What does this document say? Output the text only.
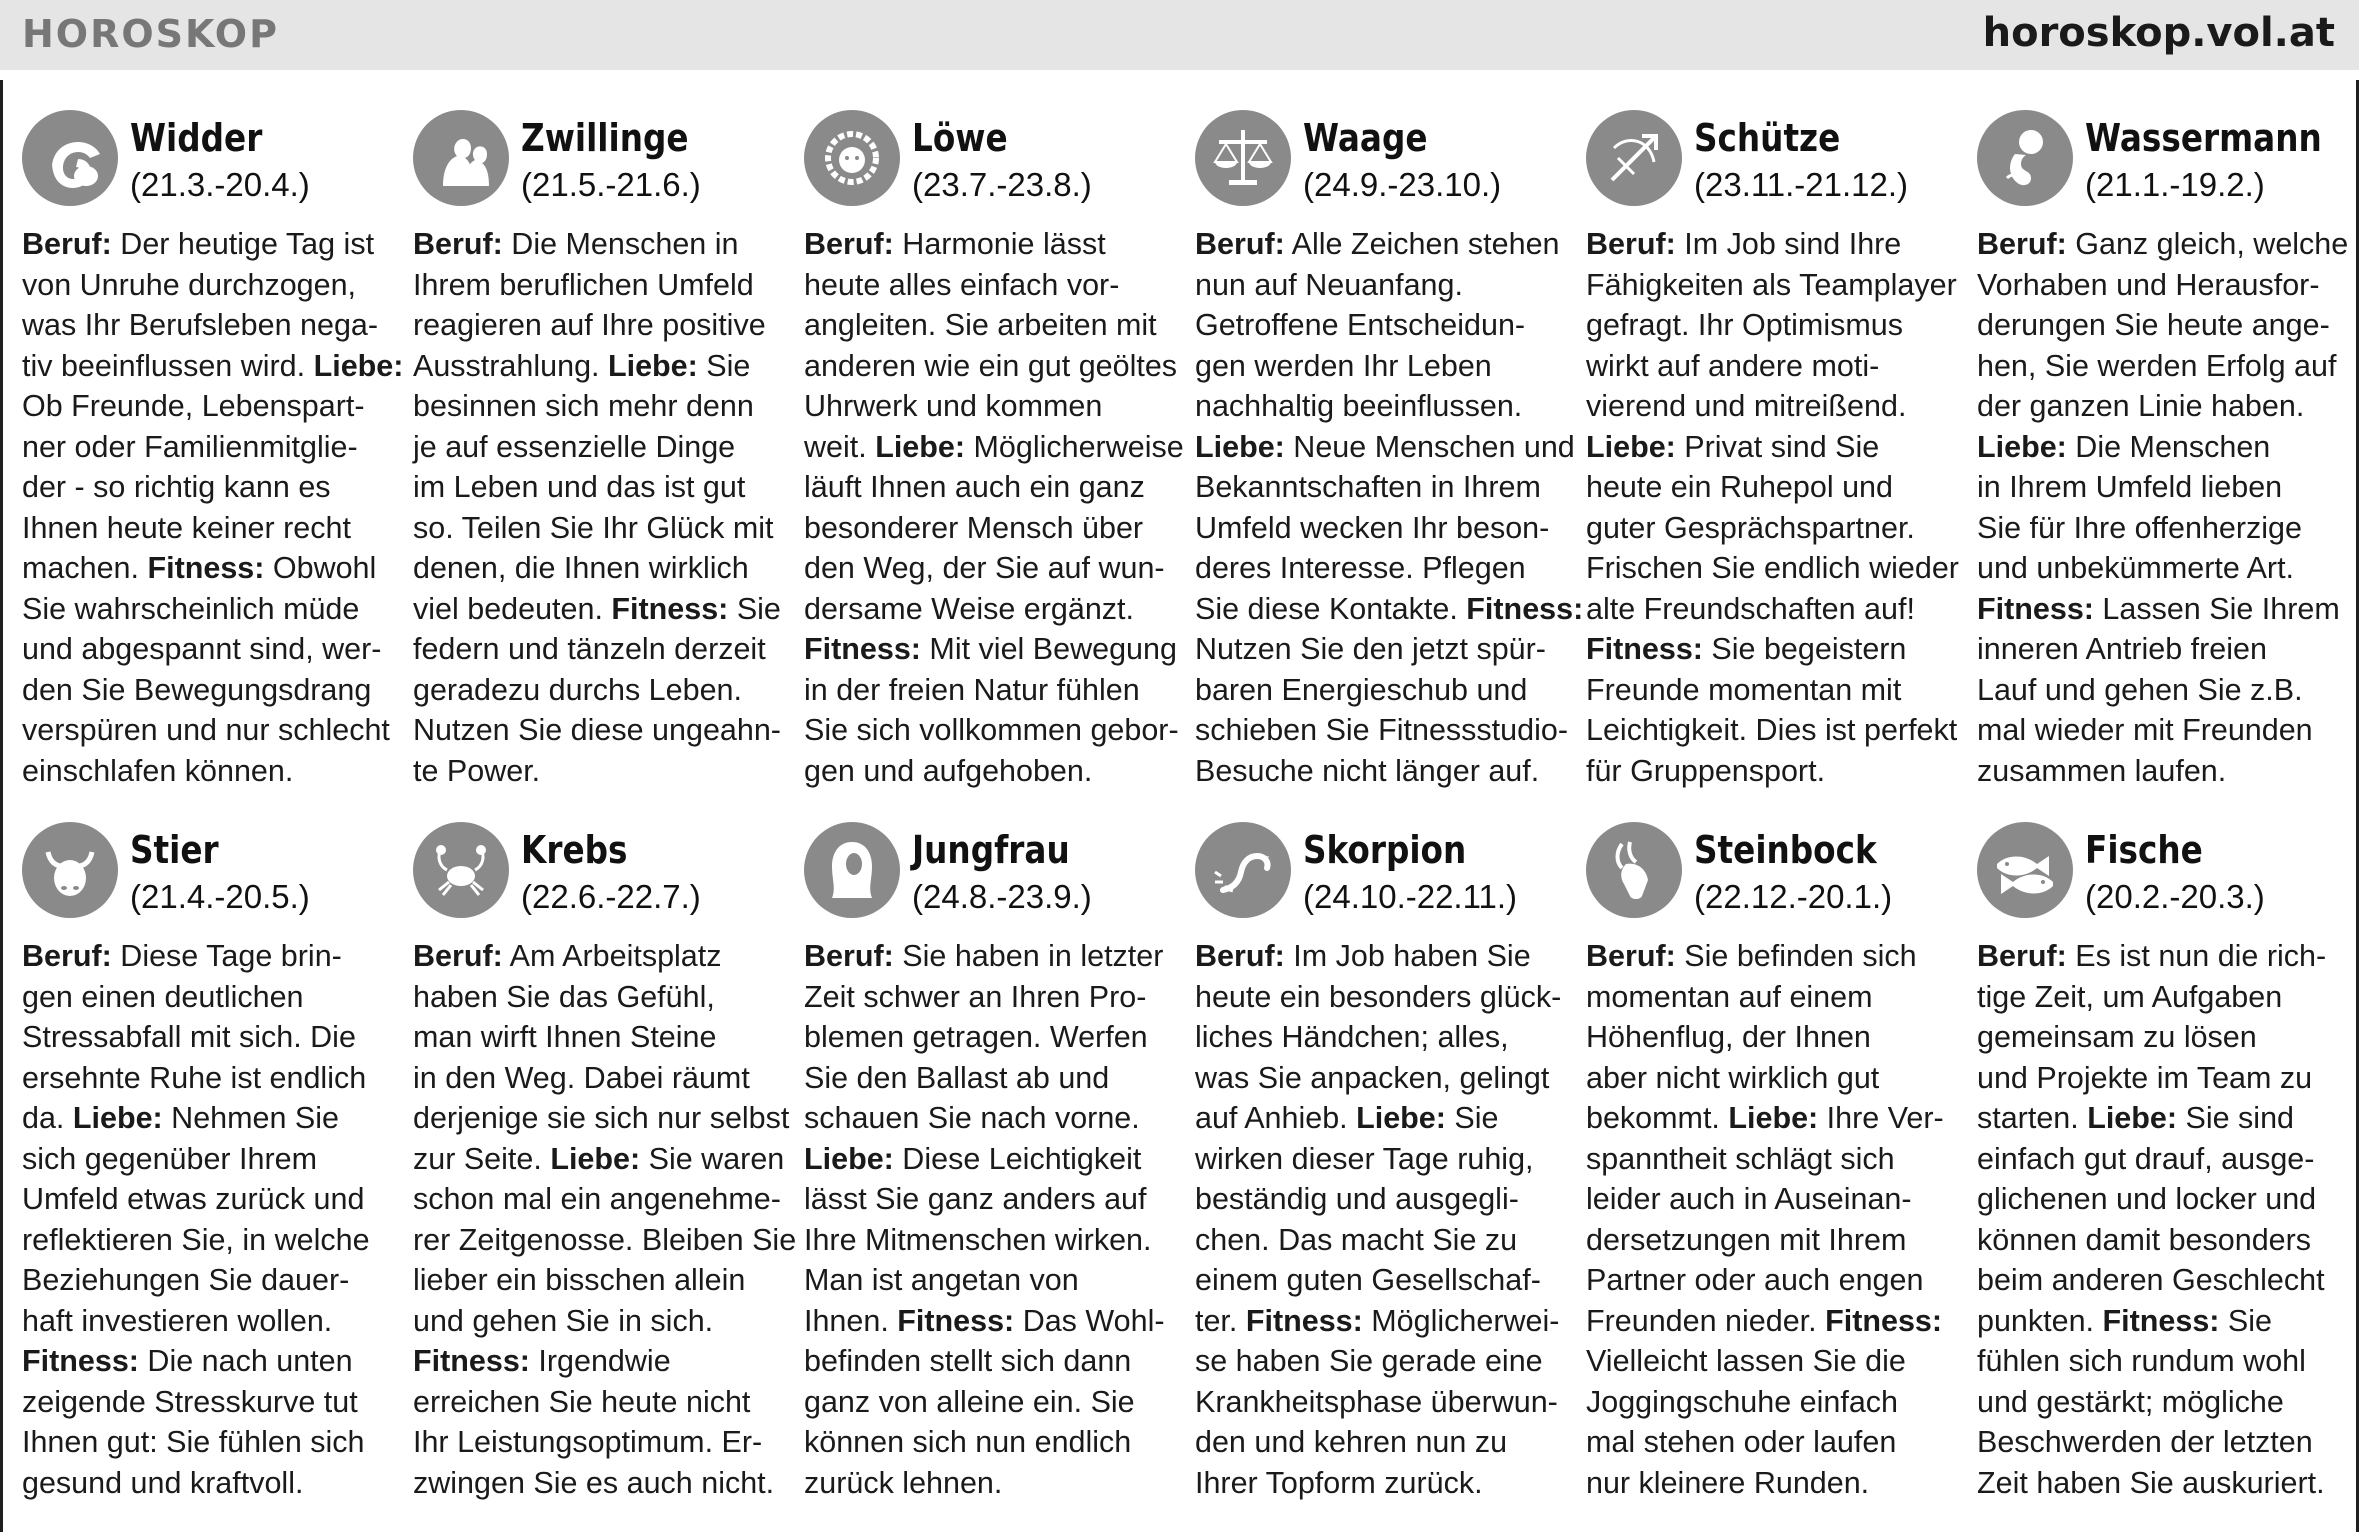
HOROSKOP	horoskop.vol.at
Widder
(21.3.-20.4.)
Beruf: Der heutige Tag ist
von Unruhe durchzogen,
was Ihr Berufsleben nega-
tiv beeinflussen wird. Liebe:
Ob Freunde, Lebenspart-
ner oder Familienmitglie-
der - so richtig kann es
Ihnen heute keiner recht
machen. Fitness: Obwohl
Sie wahrscheinlich müde
und abgespannt sind, wer-
den Sie Bewegungsdrang
verspüren und nur schlecht
einschlafen können.
Zwillinge
(21.5.-21.6.)
Beruf: Die Menschen in
Ihrem beruflichen Umfeld
reagieren auf Ihre positive
Ausstrahlung. Liebe: Sie
besinnen sich mehr denn
je auf essenzielle Dinge
im Leben und das ist gut
so. Teilen Sie Ihr Glück mit
denen, die Ihnen wirklich
viel bedeuten. Fitness: Sie
federn und tänzeln derzeit
geradezu durchs Leben.
Nutzen Sie diese ungeahn-
te Power.
Löwe
(23.7.-23.8.)
Beruf: Harmonie lässt
heute alles einfach vor-
angleiten. Sie arbeiten mit
anderen wie ein gut geöltes
Uhrwerk und kommen
weit. Liebe: Möglicherweise
läuft Ihnen auch ein ganz
besonderer Mensch über
den Weg, der Sie auf wun-
dersame Weise ergänzt.
Fitness: Mit viel Bewegung
in der freien Natur fühlen
Sie sich vollkommen gebor-
gen und aufgehoben.
Waage
(24.9.-23.10.)
Beruf: Alle Zeichen stehen
nun auf Neuanfang.
Getroffene Entscheidun-
gen werden Ihr Leben
nachhaltig beeinflussen.
Liebe: Neue Menschen und
Bekanntschaften in Ihrem
Umfeld wecken Ihr beson-
deres Interesse. Pflegen
Sie diese Kontakte. Fitness:
Nutzen Sie den jetzt spür-
baren Energieschub und
schieben Sie Fitnessstudio-
Besuche nicht länger auf.
Schütze
(23.11.-21.12.)
Beruf: Im Job sind Ihre
Fähigkeiten als Teamplayer
gefragt. Ihr Optimismus
wirkt auf andere moti-
vierend und mitreißend.
Liebe: Privat sind Sie
heute ein Ruhepol und
guter Gesprächspartner.
Frischen Sie endlich wieder
alte Freundschaften auf!
Fitness: Sie begeistern
Freunde momentan mit
Leichtigkeit. Dies ist perfekt
für Gruppensport.
Wassermann
(21.1.-19.2.)
Beruf: Ganz gleich, welche
Vorhaben und Herausfor-
derungen Sie heute ange-
hen, Sie werden Erfolg auf
der ganzen Linie haben.
Liebe: Die Menschen
in Ihrem Umfeld lieben
Sie für Ihre offenherzige
und unbekümmerte Art.
Fitness: Lassen Sie Ihrem
inneren Antrieb freien
Lauf und gehen Sie z.B.
mal wieder mit Freunden
zusammen laufen.
Stier
(21.4.-20.5.)
Beruf: Diese Tage brin-
gen einen deutlichen
Stressabfall mit sich. Die
ersehnte Ruhe ist endlich
da. Liebe: Nehmen Sie
sich gegenüber Ihrem
Umfeld etwas zurück und
reflektieren Sie, in welche
Beziehungen Sie dauer-
haft investieren wollen.
Fitness: Die nach unten
zeigende Stresskurve tut
Ihnen gut: Sie fühlen sich
gesund und kraftvoll.
Krebs
(22.6.-22.7.)
Beruf: Am Arbeitsplatz
haben Sie das Gefühl,
man wirft Ihnen Steine
in den Weg. Dabei räumt
derjenige sie sich nur selbst
zur Seite. Liebe: Sie waren
schon mal ein angenehme-
rer Zeitgenosse. Bleiben Sie
lieber ein bisschen allein
und gehen Sie in sich.
Fitness: Irgendwie
erreichen Sie heute nicht
Ihr Leistungsoptimum. Er-
zwingen Sie es auch nicht.
Jungfrau
(24.8.-23.9.)
Beruf: Sie haben in letzter
Zeit schwer an Ihren Pro-
blemen getragen. Werfen
Sie den Ballast ab und
schauen Sie nach vorne.
Liebe: Diese Leichtigkeit
lässt Sie ganz anders auf
Ihre Mitmenschen wirken.
Man ist angetan von
Ihnen. Fitness: Das Wohl-
befinden stellt sich dann
ganz von alleine ein. Sie
können sich nun endlich
zurück lehnen.
Skorpion
(24.10.-22.11.)
Beruf: Im Job haben Sie
heute ein besonders glück-
liches Händchen; alles,
was Sie anpacken, gelingt
auf Anhieb. Liebe: Sie
wirken dieser Tage ruhig,
beständig und ausgegli-
chen. Das macht Sie zu
einem guten Gesellschaf-
ter. Fitness: Möglicherwei-
se haben Sie gerade eine
Krankheitsphase überwun-
den und kehren nun zu
Ihrer Topform zurück.
Steinbock
(22.12.-20.1.)
Beruf: Sie befinden sich
momentan auf einem
Höhenflug, der Ihnen
aber nicht wirklich gut
bekommt. Liebe: Ihre Ver-
spanntheit schlägt sich
leider auch in Auseinan-
dersetzungen mit Ihrem
Partner oder auch engen
Freunden nieder. Fitness:
Vielleicht lassen Sie die
Joggingschuhe einfach
mal stehen oder laufen
nur kleinere Runden.
Fische
(20.2.-20.3.)
Beruf: Es ist nun die rich-
tige Zeit, um Aufgaben
gemeinsam zu lösen
und Projekte im Team zu
starten. Liebe: Sie sind
einfach gut drauf, ausge-
glichenen und locker und
können damit besonders
beim anderen Geschlecht
punkten. Fitness: Sie
fühlen sich rundum wohl
und gestärkt; mögliche
Beschwerden der letzten
Zeit haben Sie auskuriert.
